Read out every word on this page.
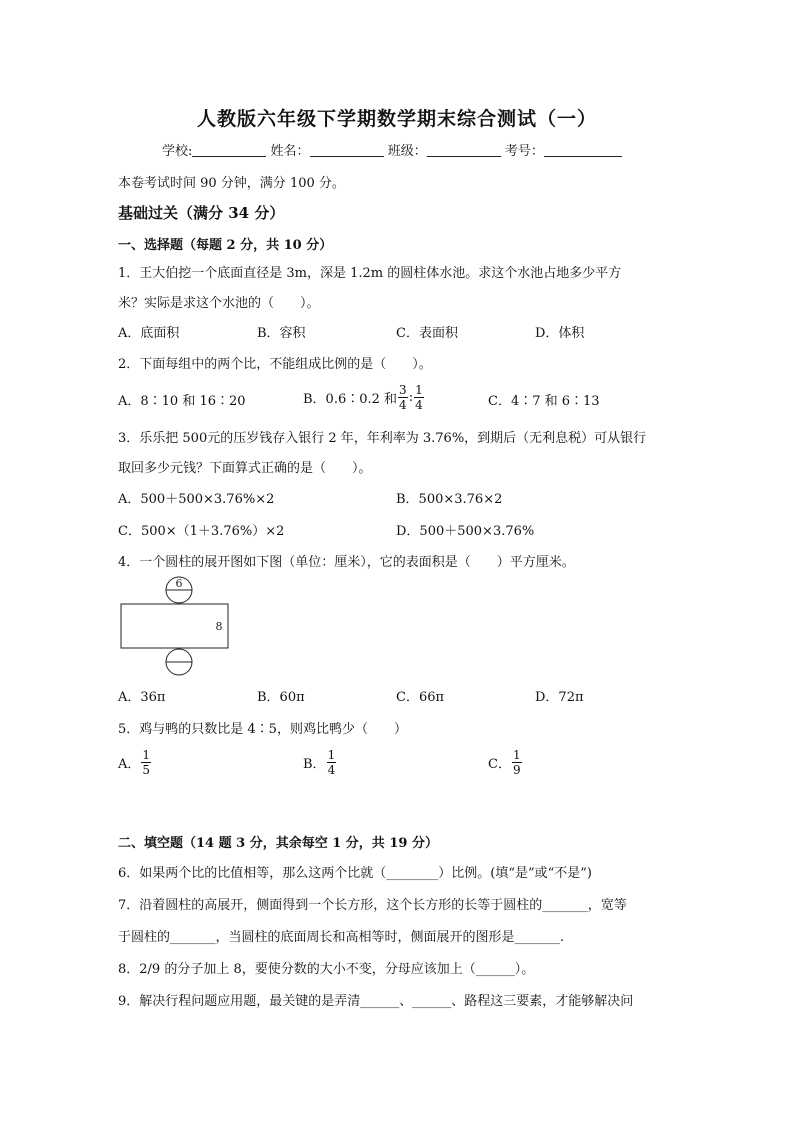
人教版六年级下学期数学期末综合测试（一）
学校:	姓名：	班级：	考号：
本卷考试时间 90 分钟，满分 100 分。
基础过关（满分 34 分）
一、选择题（每题 2 分，共 10 分）
1．王大伯挖一个底面直径是 3m，深是 1.2m 的圆柱体水池。求这个水池占地多少平方
米？实际是求这个水池的（　　）。
A．底面积	B．容积	C．表面积	D．体积
2．下面每组中的两个比，不能组成比例的是（　　）。
A．8∶10 和 16∶20	B．0.6∶0.2 和 $\frac{3}{4}$ : $\frac{1}{4}$	C．4∶7 和 6∶13
3．乐乐把 500元的压岁钱存入银行 2 年，年利率为 3.76%，到期后（无利息税）可从银行
取回多少元钱？下面算式正确的是（　　）。
A．500＋500×3.76%×2	B．500×3.76×2
C．500×（1＋3.76%）×2	D．500＋500×3.76%
4．一个圆柱的展开图如下图（单位：厘米），它的表面积是（　　）平方厘米。
6
8
A．36π	B．60π	C．66π	D．72π
5．鸡与鸭的只数比是 4∶5，则鸡比鸭少（　　）
A． $\frac{1}{5}$	B． $\frac{1}{4}$	C． $\frac{1}{9}$
二、填空题（14 题 3 分，其余每空 1 分，共 19 分）
6．如果两个比的比值相等，那么这两个比就（________）比例。(填“是”或“不是”)
7．沿着圆柱的高展开，侧面得到一个长方形，这个长方形的长等于圆柱的_______，宽等
于圆柱的_______，当圆柱的底面周长和高相等时，侧面展开的图形是_______.
8．2/9 的分子加上 8，要使分数的大小不变，分母应该加上（______）。
9．解决行程问题应用题，最关键的是弄清______、______、路程这三要素，才能够解决问
